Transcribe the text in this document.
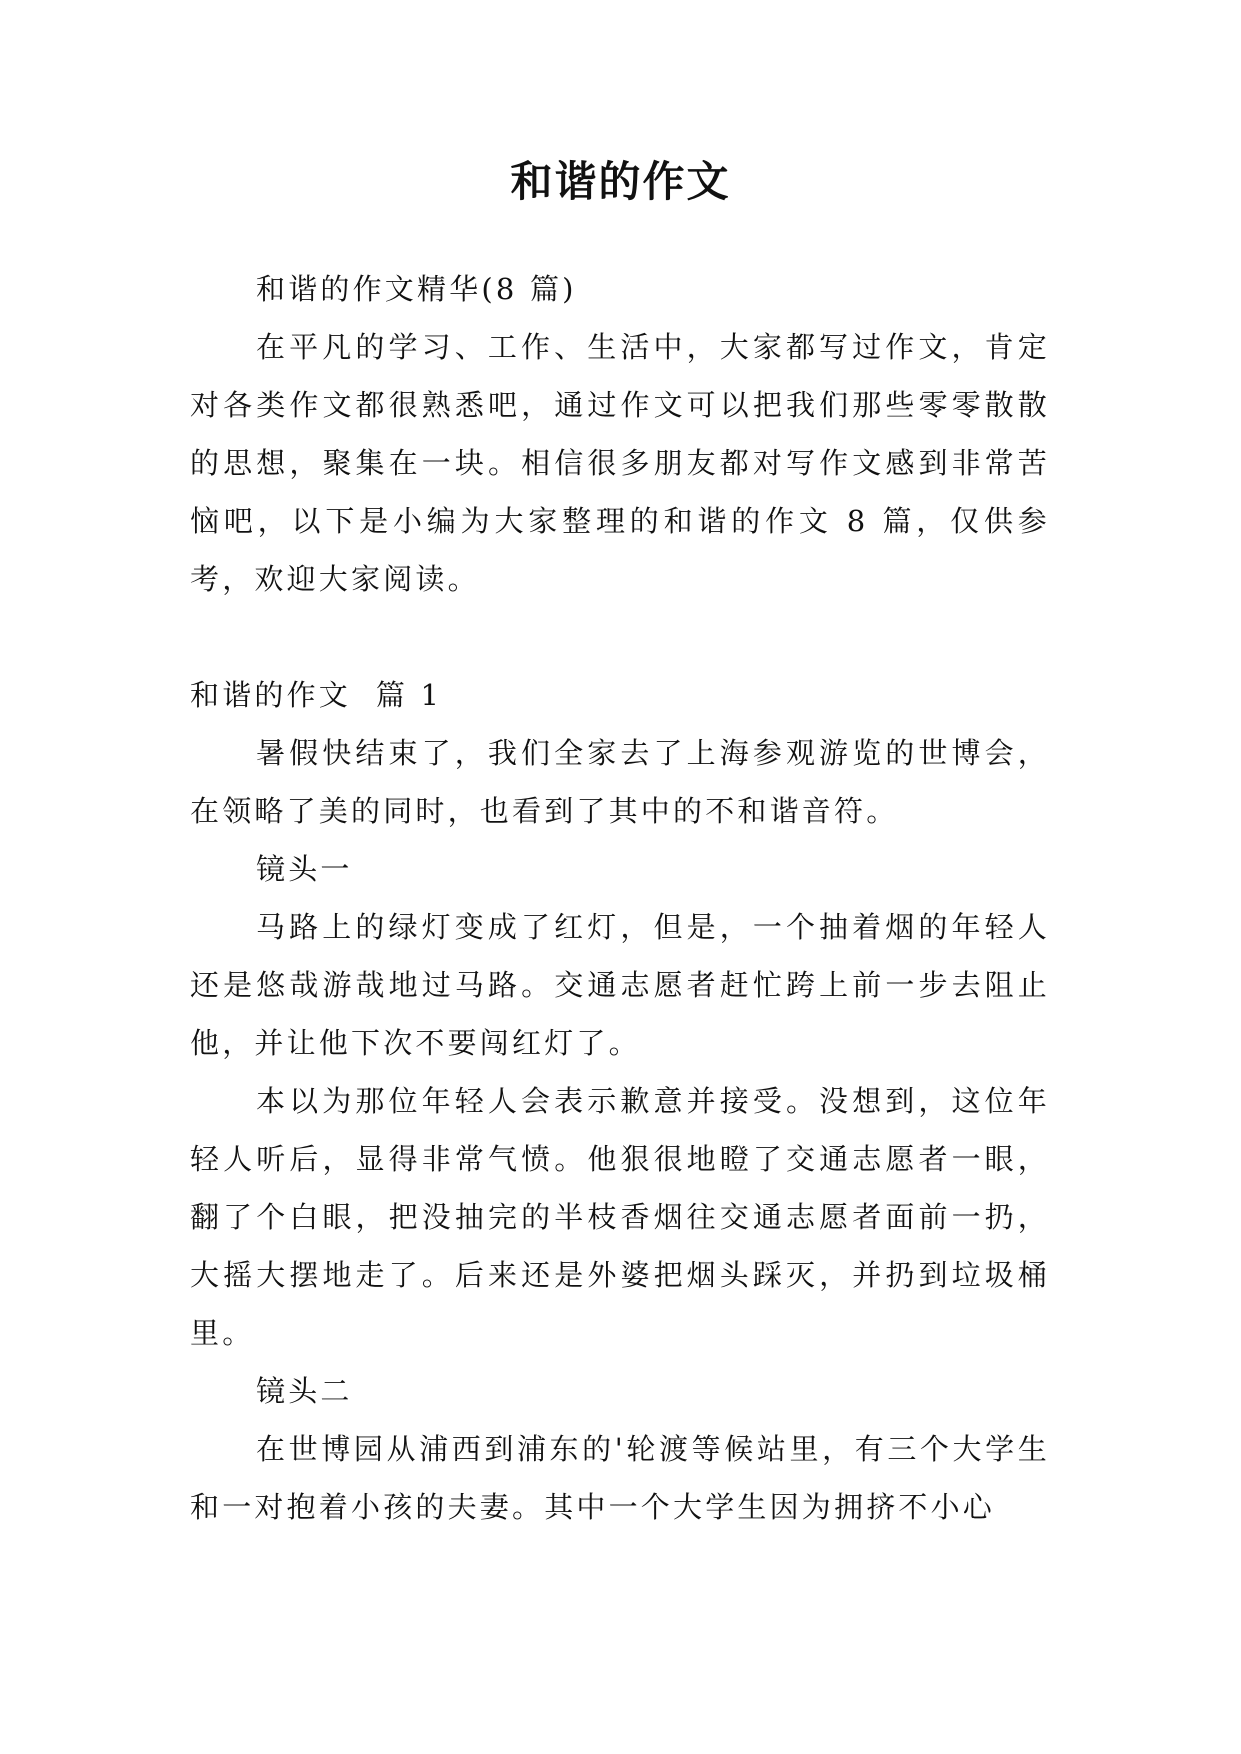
和谐的作文

和谐的作文精华(8 篇)

在平凡的学习、工作、生活中，大家都写过作文，肯定对各类作文都很熟悉吧，通过作文可以把我们那些零零散散的思想，聚集在一块。相信很多朋友都对写作文感到非常苦恼吧，以下是小编为大家整理的和谐的作文 8 篇，仅供参考，欢迎大家阅读。

和谐的作文  篇 1

暑假快结束了，我们全家去了上海参观游览的世博会，在领略了美的同时，也看到了其中的不和谐音符。

镜头一

马路上的绿灯变成了红灯，但是，一个抽着烟的年轻人还是悠哉游哉地过马路。交通志愿者赶忙跨上前一步去阻止他，并让他下次不要闯红灯了。

本以为那位年轻人会表示歉意并接受。没想到，这位年轻人听后，显得非常气愤。他狠很地瞪了交通志愿者一眼，翻了个白眼，把没抽完的半枝香烟往交通志愿者面前一扔，大摇大摆地走了。后来还是外婆把烟头踩灭，并扔到垃圾桶里。

镜头二

在世博园从浦西到浦东的'轮渡等候站里，有三个大学生和一对抱着小孩的夫妻。其中一个大学生因为拥挤不小心
